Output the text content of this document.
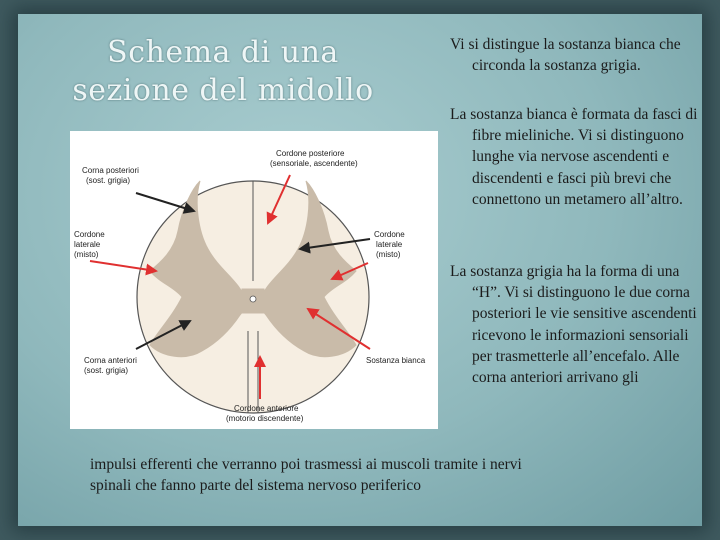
Schema di una
sezione del midollo
Vi si distingue la sostanza bianca che circonda la sostanza grigia.
La sostanza bianca è formata da fasci di fibre mieliniche. Vi si distinguono lunghe via nervose ascendenti e discendenti e fasci più brevi che connettono un metamero all’altro.
La sostanza grigia ha la forma di una “H”. Vi si distinguono le due corna posteriori le vie sensitive ascendenti ricevono le informazioni sensoriali per trasmetterle all’encefalo. Alle corna anteriori arrivano gli
impulsi efferenti che verranno poi trasmessi ai muscoli tramite i nervi
spinali che fanno parte del sistema nervoso periferico
Cordone posteriore
(sensoriale, ascendente)
Corna posteriori
(sost. grigia)
Cordone
laterale
(misto)
Cordone
laterale
(misto)
Corna anteriori
(sost. grigia)
Sostanza bianca
Cordone anteriore
(motorio discendente)
